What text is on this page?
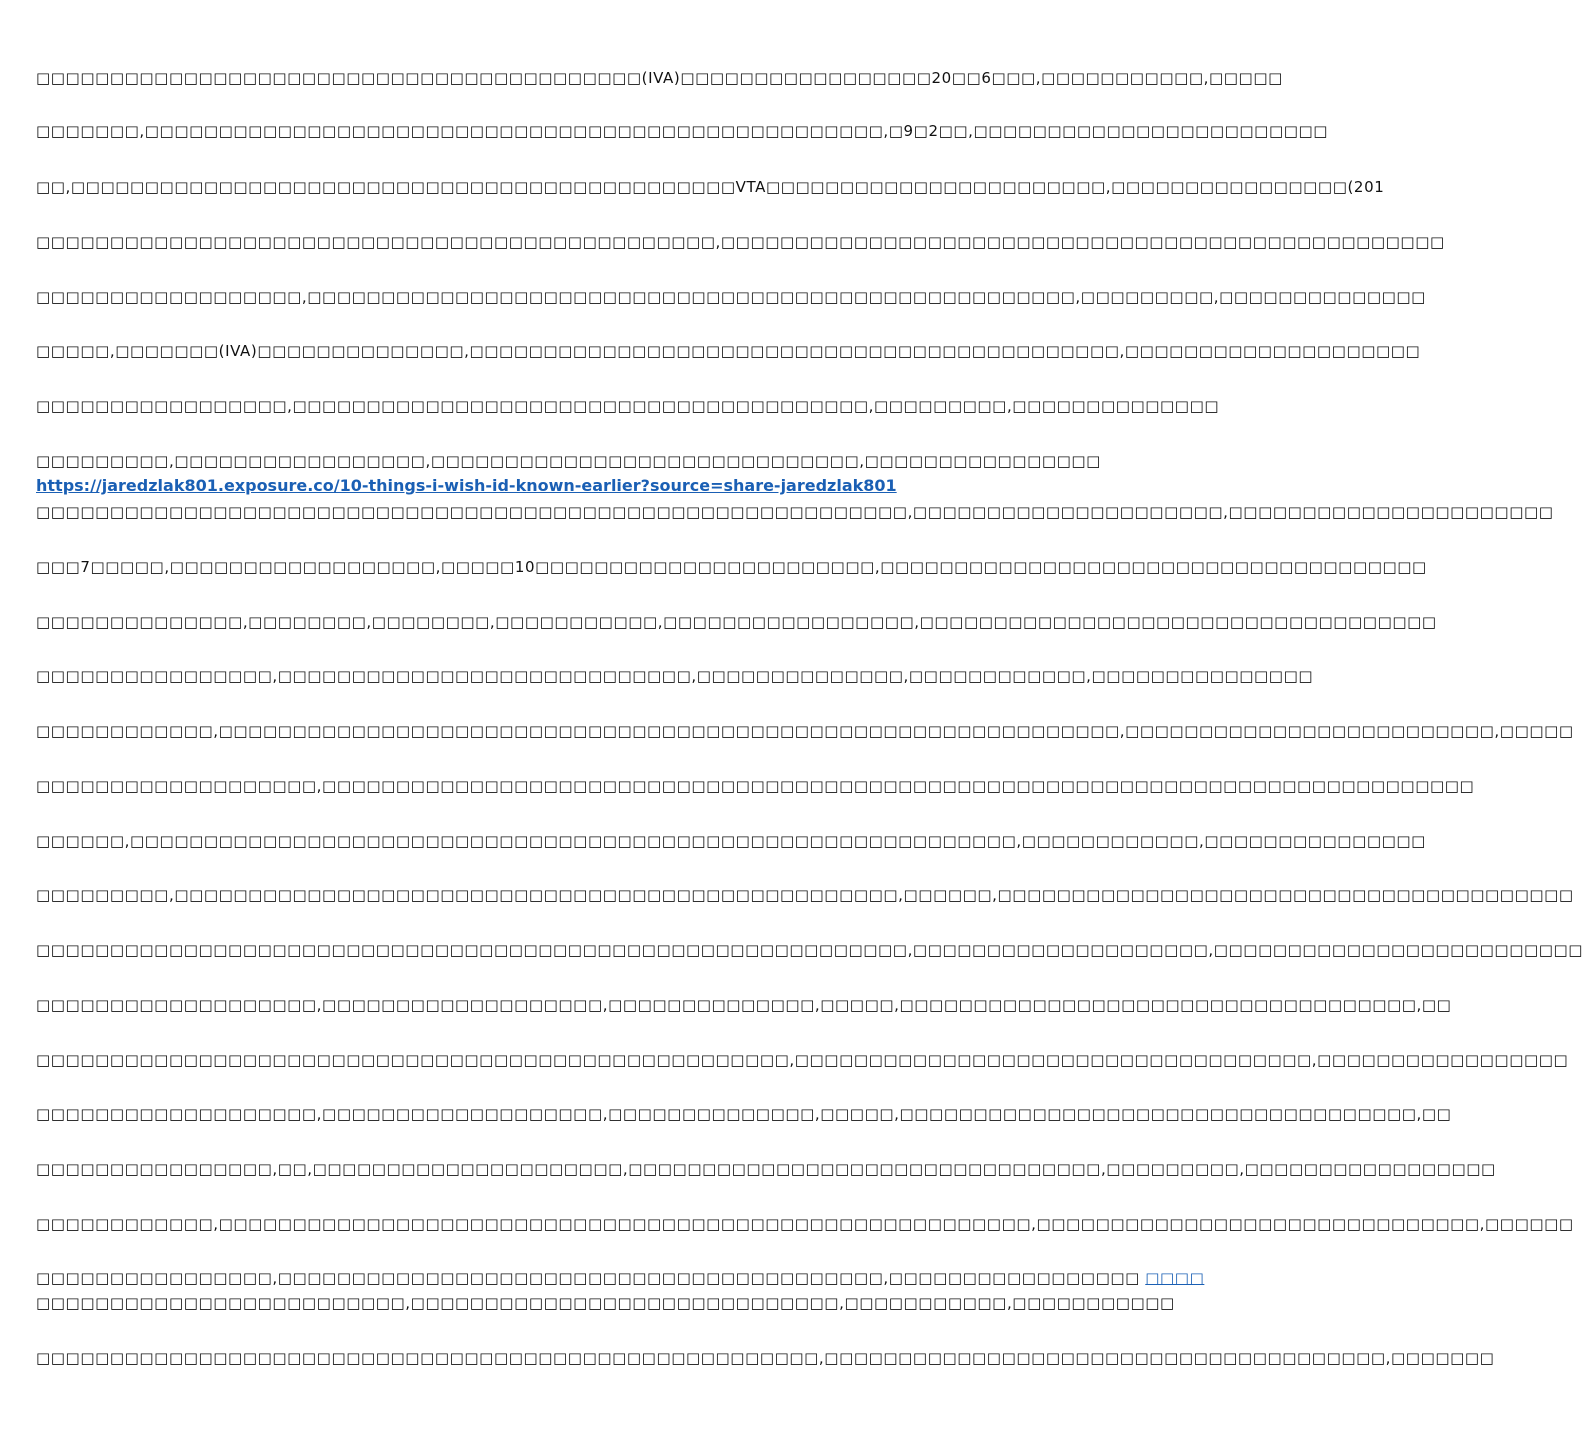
□□□□□□□□□□□□□□□□□□□□□□□□□□□□□□□□□□□□□□□□□(IVA)□□□□□□□□□□□□□□□□□20□□6□□□,□□□□□□□□□□□,□□□□□
□□□□□□□,□□□□□□□□□□□□□□□□□□□□□□□□□□□□□□□□□□□□□□□□□□□□□□□□□□,□9□2□□,□□□□□□□□□□□□□□□□□□□□□□□□
□□,□□□□□□□□□□□□□□□□□□□□□□□□□□□□□□□□□□□□□□□□□□□□□VTA□□□□□□□□□□□□□□□□□□□□□□□,□□□□□□□□□□□□□□□□(201
□□□□□□□□□□□□□□□□□□□□□□□□□□□□□□□□□□□□□□□□□□□□□□,□□□□□□□□□□□□□□□□□□□□□□□□□□□□□□□□□□□□□□□□□□□□□□□□□
□□□□□□□□□□□□□□□□□□,□□□□□□□□□□□□□□□□□□□□□□□□□□□□□□□□□□□□□□□□□□□□□□□□□□□□,□□□□□□□□□,□□□□□□□□□□□□□□
□□□□□,□□□□□□□(IVA)□□□□□□□□□□□□□□,□□□□□□□□□□□□□□□□□□□□□□□□□□□□□□□□□□□□□□□□□□□□,□□□□□□□□□□□□□□□□□□□□
□□□□□□□□□□□□□□□□□,□□□□□□□□□□□□□□□□□□□□□□□□□□□□□□□□□□□□□□□,□□□□□□□□□,□□□□□□□□□□□□□□
□□□□□□□□□,□□□□□□□□□□□□□□□□□,□□□□□□□□□□□□□□□□□□□□□□□□□□□□□,□□□□□□□□□□□□□□□□
https://jaredzlak801.exposure.co/10-things-i-wish-id-known-earlier?source=share-jaredzlak801
□□□□□□□□□□□□□□□□□□□□□□□□□□□□□□□□□□□□□□□□□□□□□□□□□□□□□□□□□□□,□□□□□□□□□□□□□□□□□□□□□,□□□□□□□□□□□□□□□□□□□□□□
□□□7□□□□□,□□□□□□□□□□□□□□□□□□,□□□□□10□□□□□□□□□□□□□□□□□□□□□□□,□□□□□□□□□□□□□□□□□□□□□□□□□□□□□□□□□□□□□
□□□□□□□□□□□□□□,□□□□□□□□,□□□□□□□□,□□□□□□□□□□□,□□□□□□□□□□□□□□□□□,□□□□□□□□□□□□□□□□□□□□□□□□□□□□□□□□□□□
□□□□□□□□□□□□□□□□,□□□□□□□□□□□□□□□□□□□□□□□□□□□□,□□□□□□□□□□□□□□,□□□□□□□□□□□□,□□□□□□□□□□□□□□□
□□□□□□□□□□□□,□□□□□□□□□□□□□□□□□□□□□□□□□□□□□□□□□□□□□□□□□□□□□□□□□□□□□□□□□□□□□,□□□□□□□□□□□□□□□□□□□□□□□□□,□□□□□
□□□□□□□□□□□□□□□□□□□,□□□□□□□□□□□□□□□□□□□□□□□□□□□□□□□□□□□□□□□□□□□□□□□□□□□□□□□□□□□□□□□□□□□□□□□□□□□□□□
□□□□□□,□□□□□□□□□□□□□□□□□□□□□□□□□□□□□□□□□□□□□□□□□□□□□□□□□□□□□□□□□□□□,□□□□□□□□□□□□,□□□□□□□□□□□□□□□
□□□□□□□□□,□□□□□□□□□□□□□□□□□□□□□□□□□□□□□□□□□□□□□□□□□□□□□□□□□,□□□□□□,□□□□□□□□□□□□□□□□□□□□□□□□□□□□□□□□□□□□□□□
□□□□□□□□□□□□□□□□□□□□□□□□□□□□□□□□□□□□□□□□□□□□□□□□□□□□□□□□□□□,□□□□□□□□□□□□□□□□□□□□,□□□□□□□□□□□□□□□□□□□□□□□□□
□□□□□□□□□□□□□□□□□□□,□□□□□□□□□□□□□□□□□□□,□□□□□□□□□□□□□□,□□□□□,□□□□□□□□□□□□□□□□□□□□□□□□□□□□□□□□□□□,□□
□□□□□□□□□□□□□□□□□□□□□□□□□□□□□□□□□□□□□□□□□□□□□□□□□□□,□□□□□□□□□□□□□□□□□□□□□□□□□□□□□□□□□□□,□□□□□□□□□□□□□□□□□
□□□□□□□□□□□□□□□□□□□,□□□□□□□□□□□□□□□□□□□,□□□□□□□□□□□□□□,□□□□□,□□□□□□□□□□□□□□□□□□□□□□□□□□□□□□□□□□□,□□
□□□□□□□□□□□□□□□□,□□,□□□□□□□□□□□□□□□□□□□□□,□□□□□□□□□□□□□□□□□□□□□□□□□□□□□□□□,□□□□□□□□□,□□□□□□□□□□□□□□□□□
□□□□□□□□□□□□,□□□□□□□□□□□□□□□□□□□□□□□□□□□□□□□□□□□□□□□□□□□□□□□□□□□□□□□,□□□□□□□□□□□□□□□□□□□□□□□□□□□□□□,□□□□□□
□□□□□□□□□□□□□□□□,□□□□□□□□□□□□□□□□□□□□□□□□□□□□□□□□□□□□□□□□□,□□□□□□□□□□□□□□□□□ □□□□
□□□□□□□□□□□□□□□□□□□□□□□□□,□□□□□□□□□□□□□□□□□□□□□□□□□□□□□,□□□□□□□□□□□,□□□□□□□□□□□
□□□□□□□□□□□□□□□□□□□□□□□□□□□□□□□□□□□□□□□□□□□□□□□□□□□□□,□□□□□□□□□□□□□□□□□□□□□□□□□□□□□□□□□□□□□□,□□□□□□□
